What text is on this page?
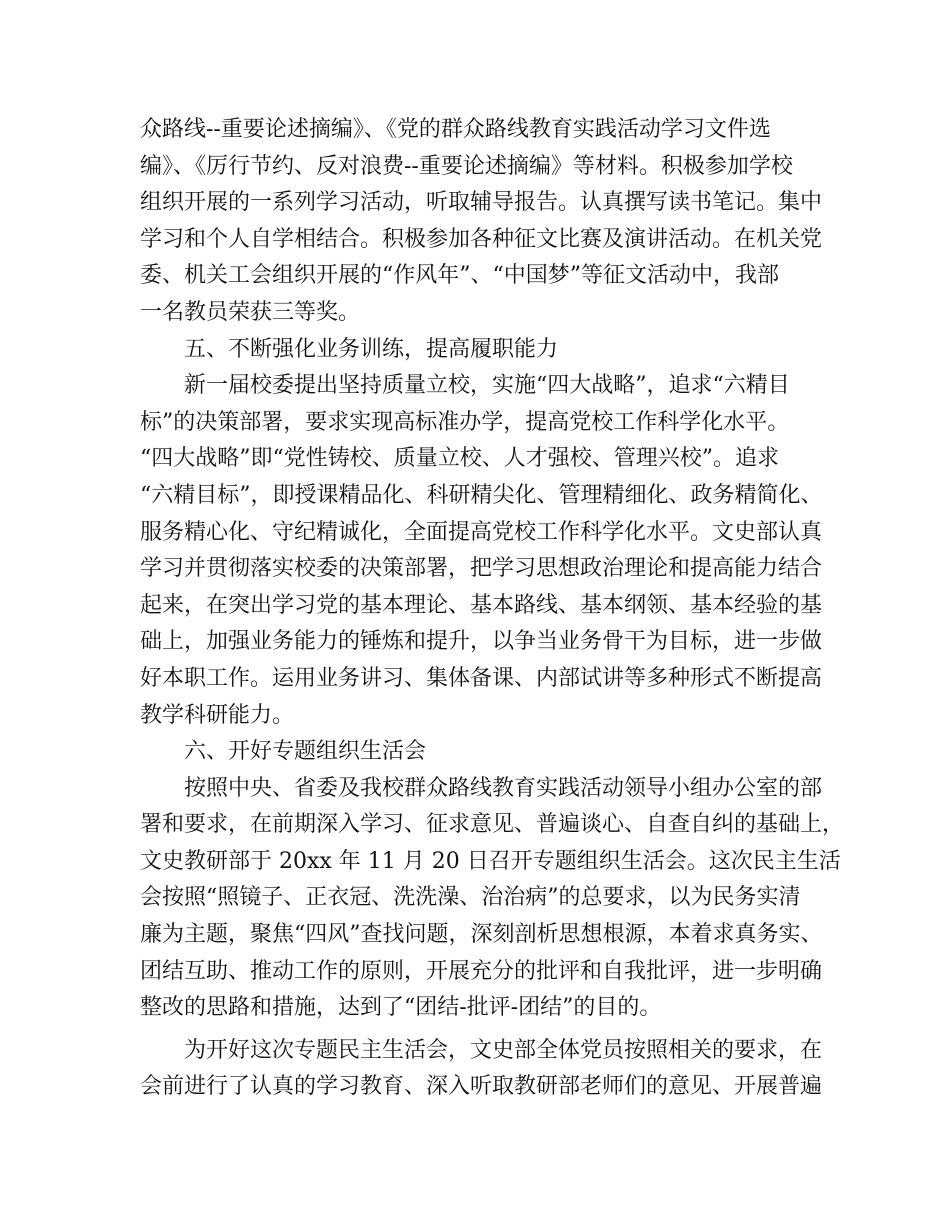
众路线--重要论述摘编》、《党的群众路线教育实践活动学习文件选
编》、《厉行节约、反对浪费--重要论述摘编》等材料。积极参加学校
组织开展的一系列学习活动，听取辅导报告。认真撰写读书笔记。集中
学习和个人自学相结合。积极参加各种征文比赛及演讲活动。在机关党
委、机关工会组织开展的“作风年”、“中国梦”等征文活动中，我部
一名教员荣获三等奖。
五、不断强化业务训练，提高履职能力
新一届校委提出坚持质量立校，实施“四大战略”，追求“六精目
标”的决策部署，要求实现高标准办学，提高党校工作科学化水平。
“四大战略”即“党性铸校、质量立校、人才强校、管理兴校”。追求
“六精目标”，即授课精品化、科研精尖化、管理精细化、政务精简化、
服务精心化、守纪精诚化，全面提高党校工作科学化水平。文史部认真
学习并贯彻落实校委的决策部署，把学习思想政治理论和提高能力结合
起来，在突出学习党的基本理论、基本路线、基本纲领、基本经验的基
础上，加强业务能力的锤炼和提升，以争当业务骨干为目标，进一步做
好本职工作。运用业务讲习、集体备课、内部试讲等多种形式不断提高
教学科研能力。
六、开好专题组织生活会
按照中央、省委及我校群众路线教育实践活动领导小组办公室的部
署和要求，在前期深入学习、征求意见、普遍谈心、自查自纠的基础上，
文史教研部于 20xx 年 11 月 20 日召开专题组织生活会。这次民主生活
会按照“照镜子、正衣冠、洗洗澡、治治病”的总要求，以为民务实清
廉为主题，聚焦“四风”查找问题，深刻剖析思想根源，本着求真务实、
团结互助、推动工作的原则，开展充分的批评和自我批评，进一步明确
整改的思路和措施，达到了“团结-批评-团结”的目的。
为开好这次专题民主生活会，文史部全体党员按照相关的要求，在
会前进行了认真的学习教育、深入听取教研部老师们的意见、开展普遍
